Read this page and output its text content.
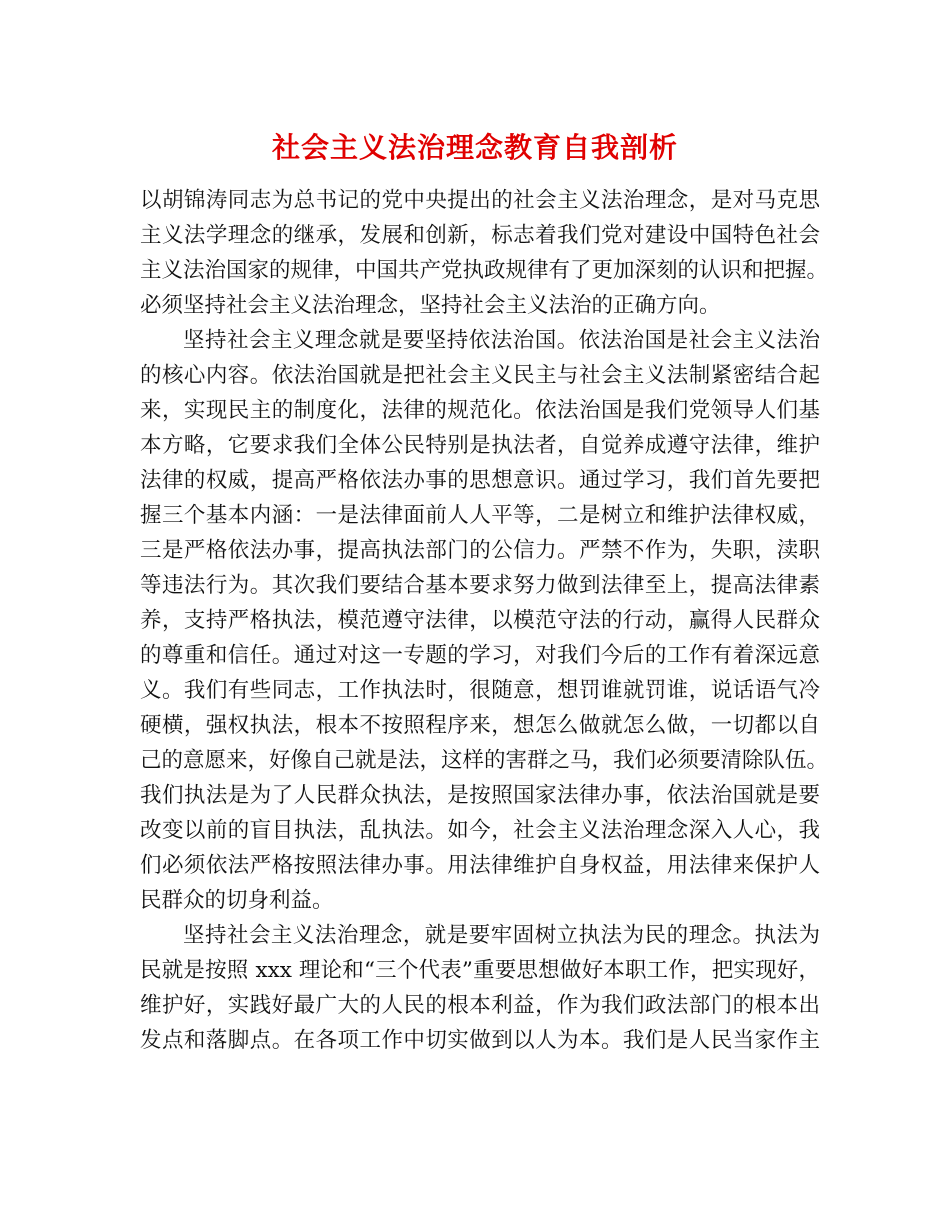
社会主义法治理念教育自我剖析
以胡锦涛同志为总书记的党中央提出的社会主义法治理念，是对马克思
主义法学理念的继承，发展和创新，标志着我们党对建设中国特色社会
主义法治国家的规律，中国共产党执政规律有了更加深刻的认识和把握。
必须坚持社会主义法治理念，坚持社会主义法治的正确方向。
坚持社会主义理念就是要坚持依法治国。依法治国是社会主义法治
的核心内容。依法治国就是把社会主义民主与社会主义法制紧密结合起
来，实现民主的制度化，法律的规范化。依法治国是我们党领导人们基
本方略，它要求我们全体公民特别是执法者，自觉养成遵守法律，维护
法律的权威，提高严格依法办事的思想意识。通过学习，我们首先要把
握三个基本内涵：一是法律面前人人平等，二是树立和维护法律权威，
三是严格依法办事，提高执法部门的公信力。严禁不作为，失职，渎职
等违法行为。其次我们要结合基本要求努力做到法律至上，提高法律素
养，支持严格执法，模范遵守法律，以模范守法的行动，赢得人民群众
的尊重和信任。通过对这一专题的学习，对我们今后的工作有着深远意
义。我们有些同志，工作执法时，很随意，想罚谁就罚谁，说话语气冷
硬横，强权执法，根本不按照程序来，想怎么做就怎么做，一切都以自
己的意愿来，好像自己就是法，这样的害群之马，我们必须要清除队伍。
我们执法是为了人民群众执法，是按照国家法律办事，依法治国就是要
改变以前的盲目执法，乱执法。如今，社会主义法治理念深入人心，我
们必须依法严格按照法律办事。用法律维护自身权益，用法律来保护人
民群众的切身利益。
坚持社会主义法治理念，就是要牢固树立执法为民的理念。执法为
民就是按照 xxx 理论和“三个代表”重要思想做好本职工作，把实现好，
维护好，实践好最广大的人民的根本利益，作为我们政法部门的根本出
发点和落脚点。在各项工作中切实做到以人为本。我们是人民当家作主
